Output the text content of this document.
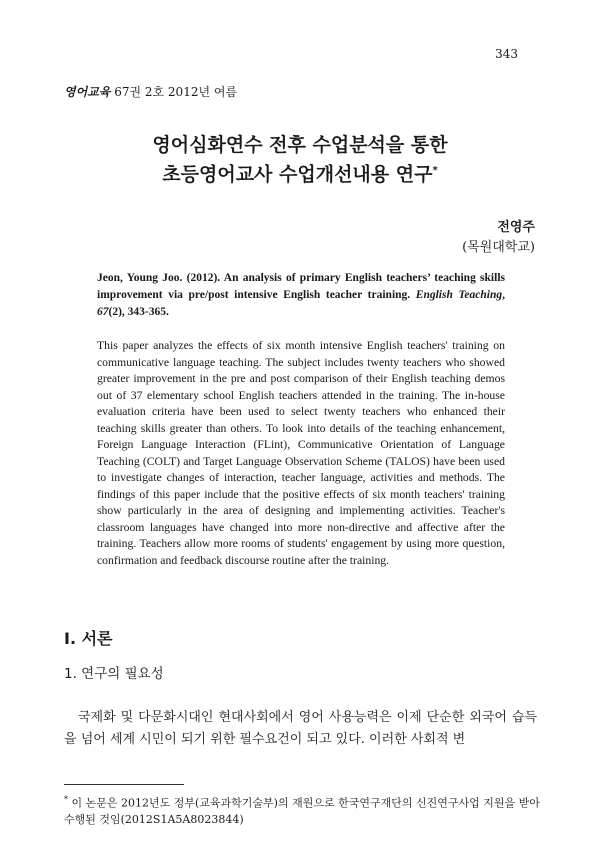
343
영어교육 67권 2호 2012년 여름
영어심화연수 전후 수업분석을 통한
초등영어교사 수업개선내용 연구*
전영주
(목원대학교)
Jeon, Young Joo. (2012). An analysis of primary English teachers’ teaching skills improvement via pre/post intensive English teacher training. English Teaching, 67(2), 343-365.
This paper analyzes the effects of six month intensive English teachers' training on communicative language teaching. The subject includes twenty teachers who showed greater improvement in the pre and post comparison of their English teaching demos out of 37 elementary school English teachers attended in the training. The in-house evaluation criteria have been used to select twenty teachers who enhanced their teaching skills greater than others. To look into details of the teaching enhancement, Foreign Language Interaction (FLint), Communicative Orientation of Language Teaching (COLT) and Target Language Observation Scheme (TALOS) have been used to investigate changes of interaction, teacher language, activities and methods. The findings of this paper include that the positive effects of six month teachers' training show particularly in the area of designing and implementing activities. Teacher's classroom languages have changed into more non-directive and affective after the training. Teachers allow more rooms of students' engagement by using more question, confirmation and feedback discourse routine after the training.
I. 서론
1. 연구의 필요성
국제화 및 다문화시대인 현대사회에서 영어 사용능력은 이제 단순한 외국어 습득을 넘어 세계 시민이 되기 위한 필수요건이 되고 있다. 이러한 사회적 변
* 이 논문은 2012년도 정부(교육과학기술부)의 재원으로 한국연구재단의 신진연구사업 지원을 받아 수행된 것임(2012S1A5A8023844)
